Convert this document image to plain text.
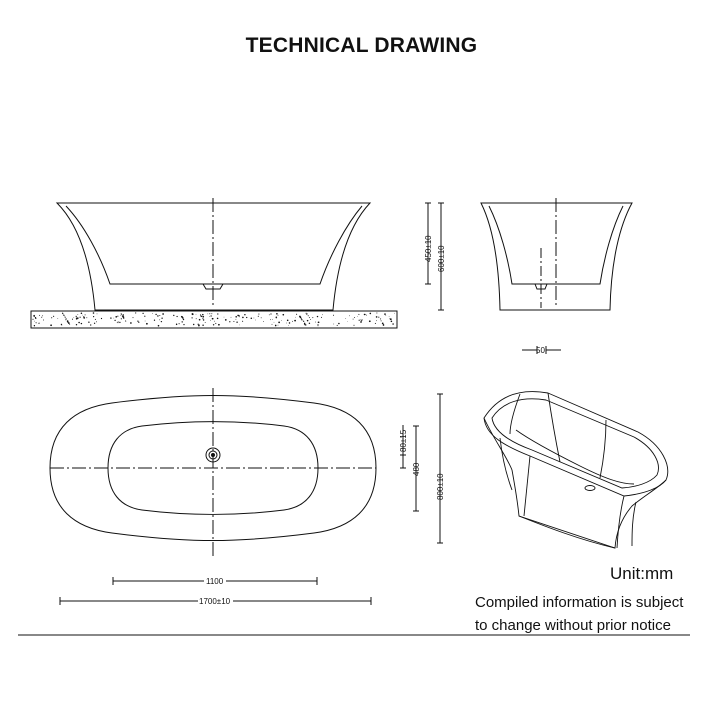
TECHNICAL DRAWING
450±10 600±10
50
80±15
480
800±10
1100
1700±10
Unit:mm
Compiled information is subject
to change without prior notice
